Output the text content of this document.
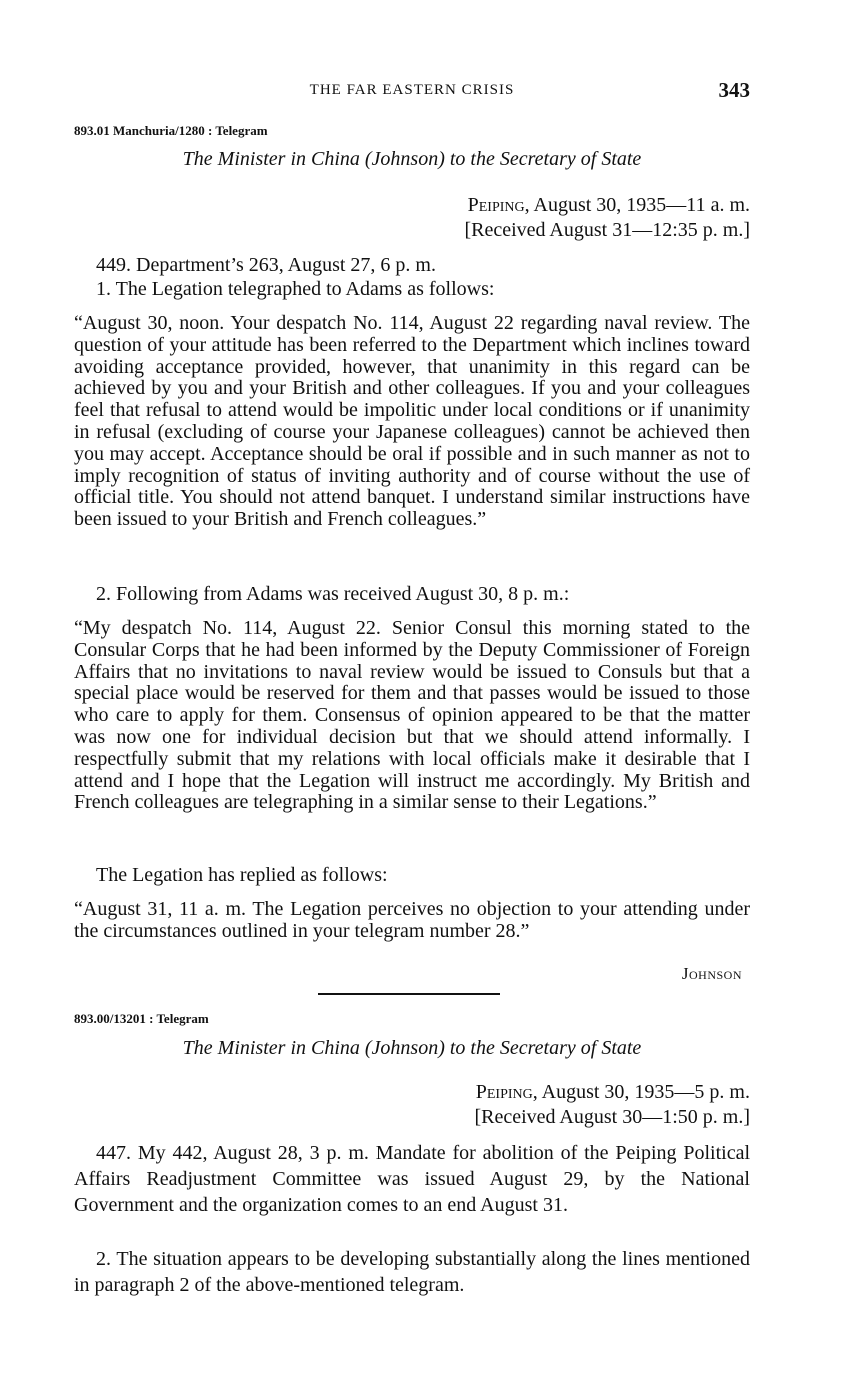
THE FAR EASTERN CRISIS	343
893.01 Manchuria/1280 : Telegram
The Minister in China (Johnson) to the Secretary of State
Peiping, August 30, 1935—11 a. m.
[Received August 31—12:35 p. m.]

449. Department’s 263, August 27, 6 p. m.

1. The Legation telegraphed to Adams as follows:

“August 30, noon. Your despatch No. 114, August 22 regarding naval review. The question of your attitude has been referred to the Department which inclines toward avoiding acceptance provided, however, that unanimity in this regard can be achieved by you and your British and other colleagues. If you and your colleagues feel that refusal to attend would be impolitic under local conditions or if unanimity in refusal (excluding of course your Japanese colleagues) cannot be achieved then you may accept. Acceptance should be oral if possible and in such manner as not to imply recognition of status of inviting authority and of course without the use of official title. You should not attend banquet. I understand similar instructions have been issued to your British and French colleagues.”

2. Following from Adams was received August 30, 8 p. m.:

“My despatch No. 114, August 22. Senior Consul this morning stated to the Consular Corps that he had been informed by the Deputy Commissioner of Foreign Affairs that no invitations to naval review would be issued to Consuls but that a special place would be reserved for them and that passes would be issued to those who care to apply for them. Consensus of opinion appeared to be that the matter was now one for individual decision but that we should attend informally. I respectfully submit that my relations with local officials make it desirable that I attend and I hope that the Legation will instruct me accordingly. My British and French colleagues are telegraphing in a similar sense to their Legations.”

The Legation has replied as follows:

“August 31, 11 a. m. The Legation perceives no objection to your attending under the circumstances outlined in your telegram number 28.”

Johnson
893.00/13201 : Telegram
The Minister in China (Johnson) to the Secretary of State
Peiping, August 30, 1935—5 p. m.
[Received August 30—1:50 p. m.]

447. My 442, August 28, 3 p. m. Mandate for abolition of the Peiping Political Affairs Readjustment Committee was issued August 29, by the National Government and the organization comes to an end August 31.

2. The situation appears to be developing substantially along the lines mentioned in paragraph 2 of the above-mentioned telegram.
